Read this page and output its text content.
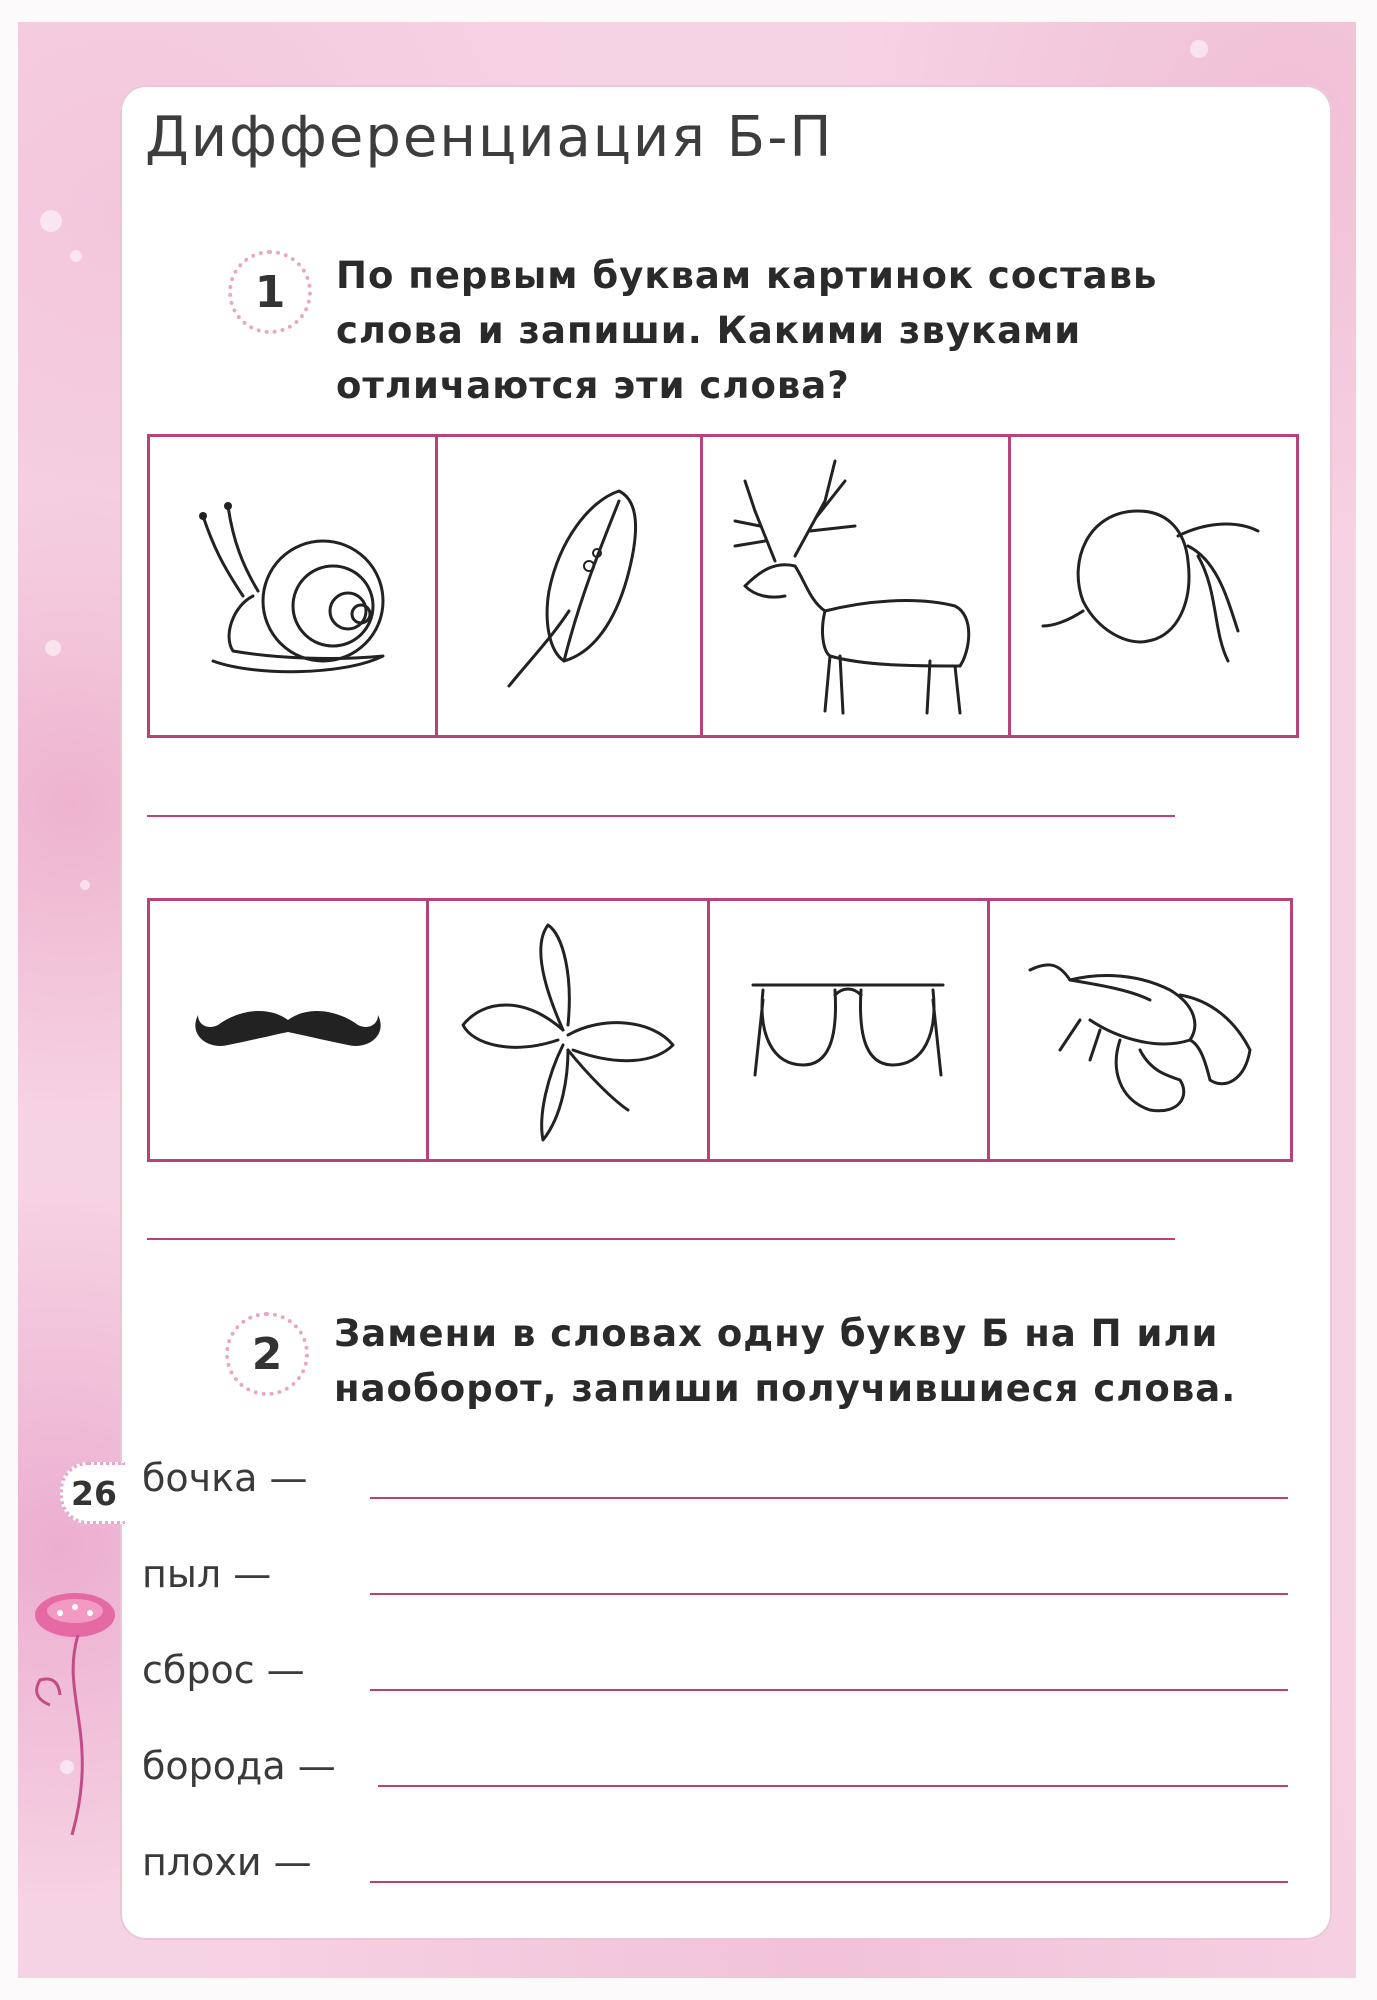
Дифференциация Б-П
1 По первым буквам картинок составь
слова и запиши. Какими звуками
отличаются эти слова?
2 Замени в словах одну букву Б на П или
наоборот, запиши получившиеся слова.
26 бочка —
пыл —
сброс —
борода —
плохи —
